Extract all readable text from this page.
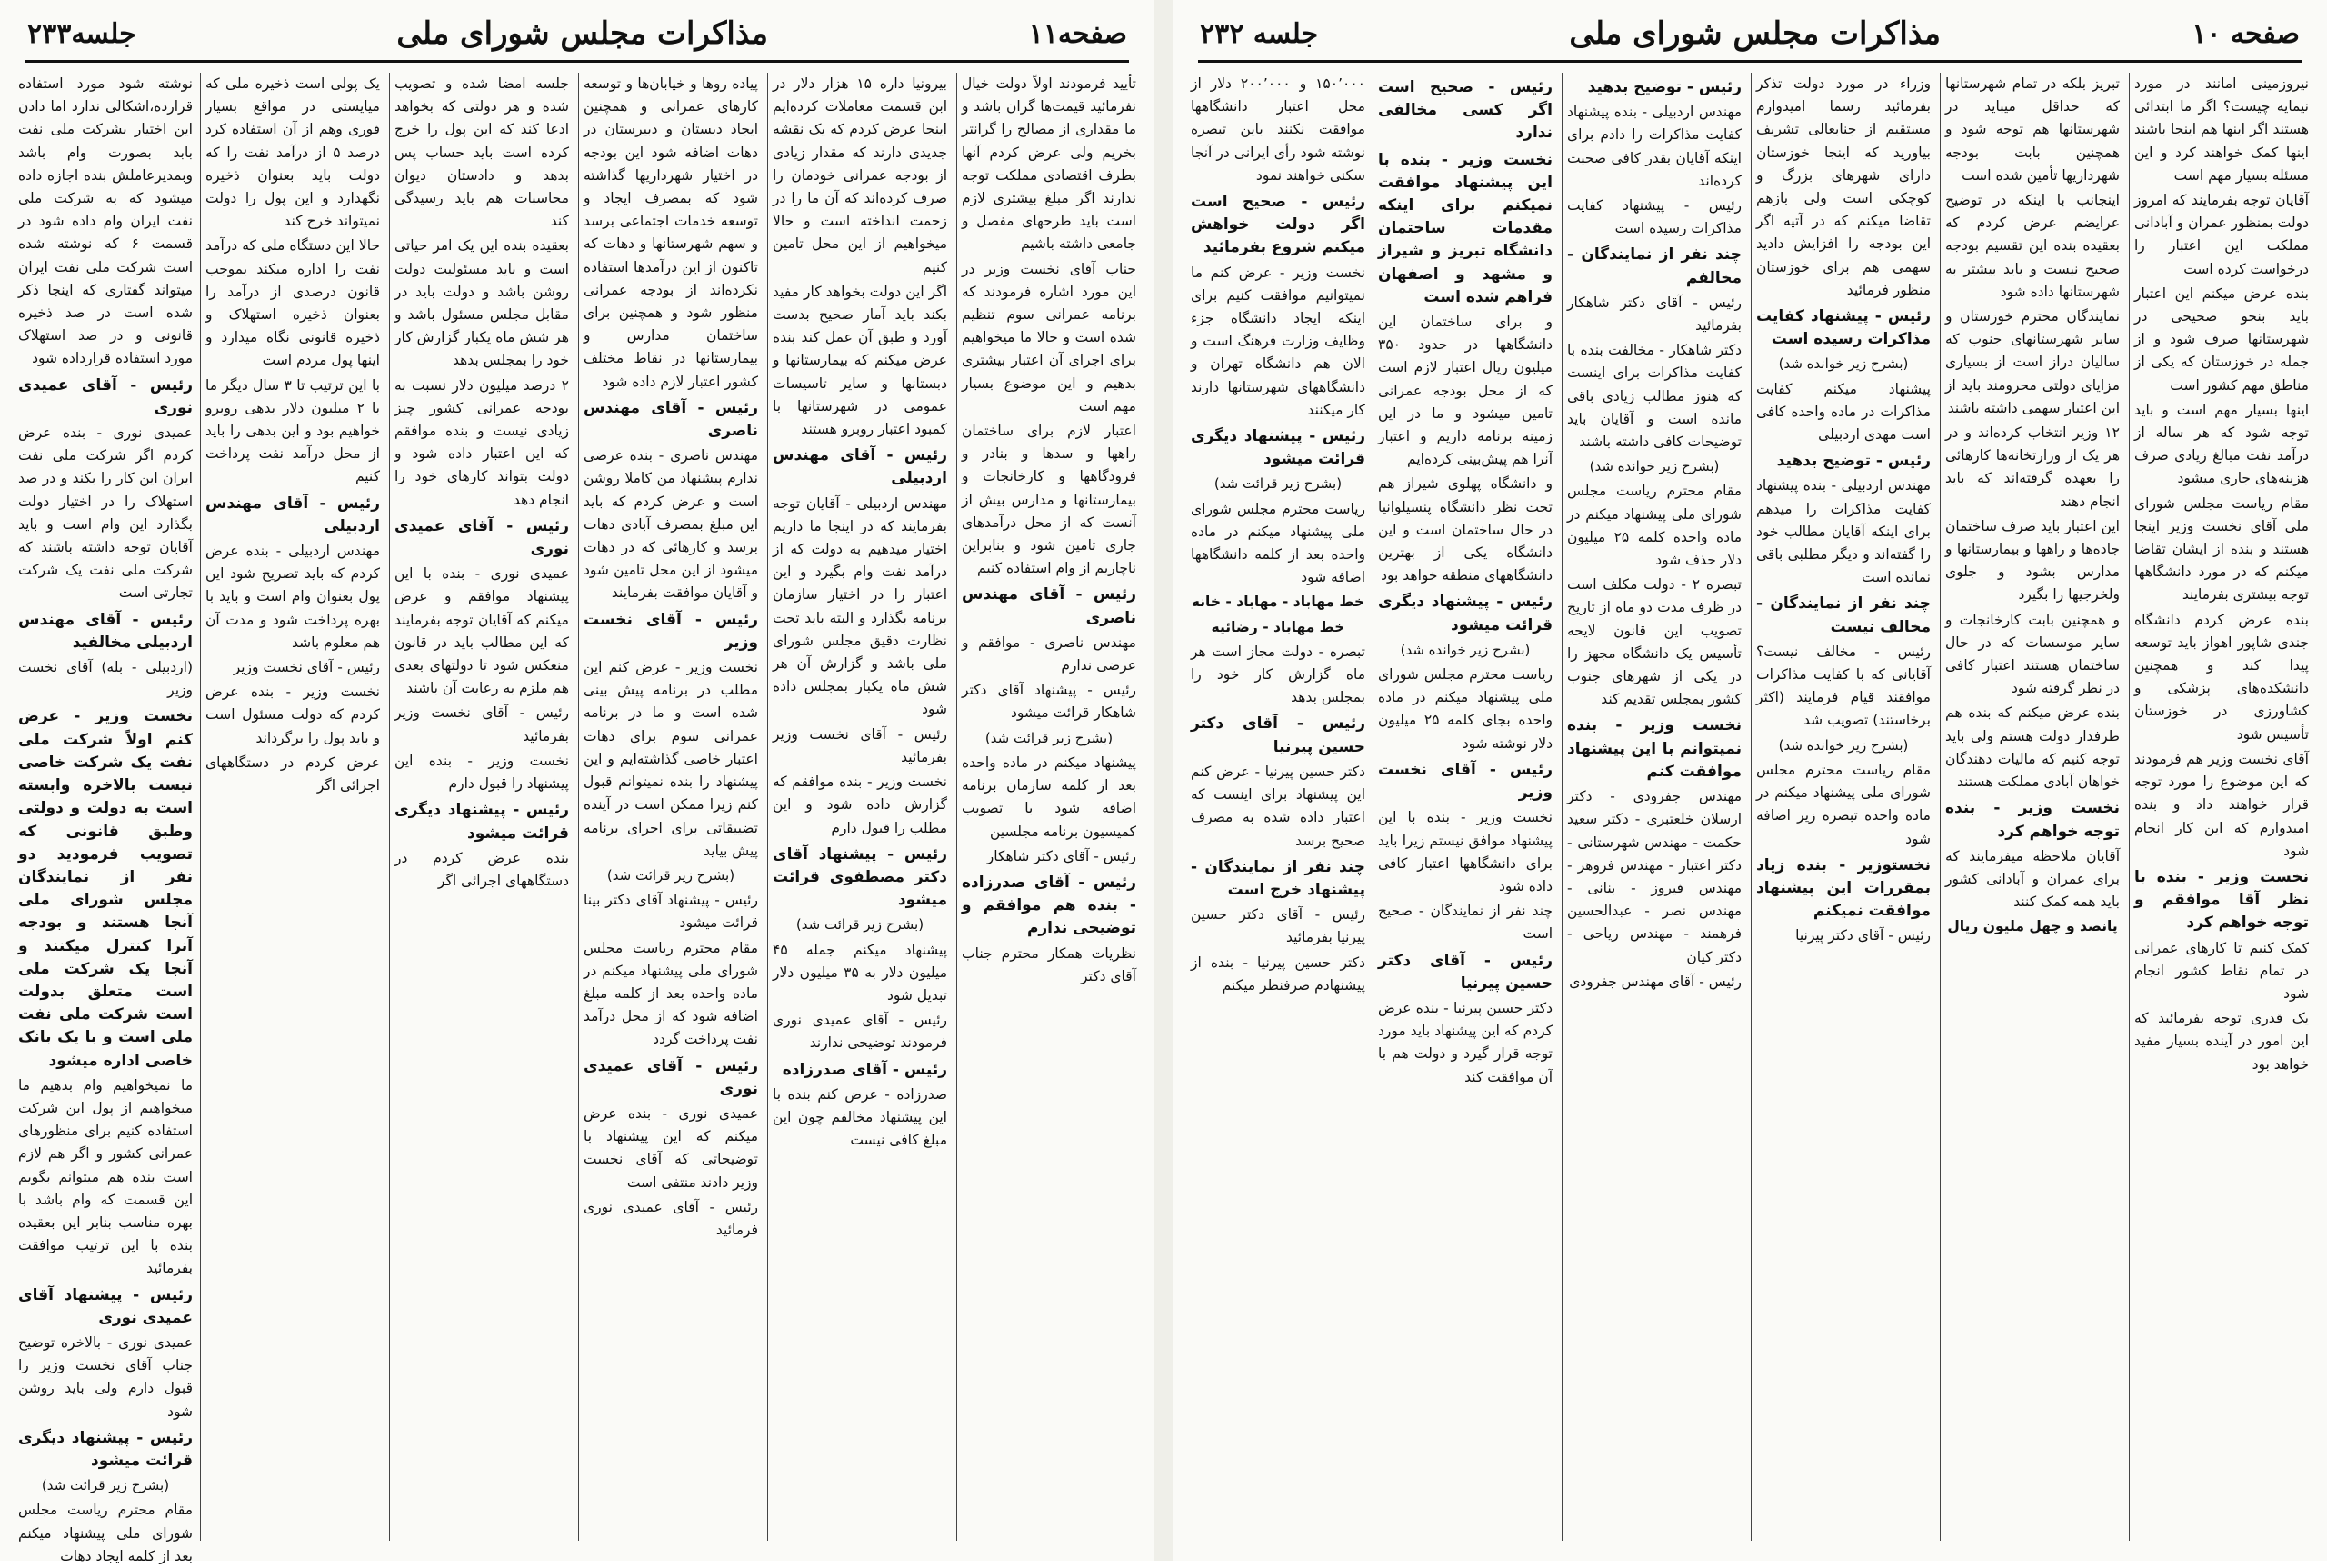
صفحه۱۱
مذاکرات مجلس شورای ملی
جلسه۲۳۳

تأیید فرمودند اولاً دولت خیال نفرمائید قیمت‌ها گران باشد و ما مقداری از مصالح را گرانتر بخریم ولی عرض کردم آنها بطرف اقتصادی مملکت توجه ندارند اگر مبلغ بیشتری لازم است باید طرحهای مفصل و جامعی داشته باشیم

جناب آقای نخست وزیر در این مورد اشاره فرمودند که برنامه عمرانی سوم تنظیم شده است و حالا ما میخواهیم برای اجرای آن اعتبار بیشتری بدهیم و این موضوع بسیار مهم است

اعتبار لازم برای ساختمان راهها و سدها و بنادر و فرودگاهها و کارخانجات و بیمارستانها و مدارس بیش از آنست که از محل درآمدهای جاری تامین شود و بنابراین ناچاریم از وام استفاده کنیم

رئیس - آقای مهندس ناصری

مهندس ناصری - موافقم و عرضی ندارم

رئیس - پیشنهاد آقای دکتر شاهکار قرائت میشود

(بشرح زیر قرائت شد)

پیشنهاد میکنم در ماده واحده بعد از کلمه سازمان برنامه اضافه شود با تصویب کمیسیون برنامه مجلسین

رئیس - آقای دکتر شاهکار

رئیس - آقای صدرزاده - بنده هم موافقم و توضیحی ندارم

نظریات همکار محترم جناب آقای دکتر

بیرونیا داره ۱۵ هزار دلار در ابن قسمت معاملات کرده‌ایم اینجا عرض کردم که یک نقشه جدیدی دارند که مقدار زیادی از بودجه عمرانی خودمان را صرف کرده‌اند که آن ما را در زحمت انداخته است و حالا میخواهیم از این محل تامین کنیم

اگر این دولت بخواهد کار مفید بکند باید آمار صحیح بدست آورد و طبق آن عمل کند بنده عرض میکنم که بیمارستانها و دبستانها و سایر تاسیسات عمومی در شهرستانها با کمبود اعتبار روبرو هستند

رئیس - آقای مهندس اردبیلی

مهندس اردبیلی - آقایان توجه بفرمایند که در اینجا ما داریم اختیار میدهیم به دولت که از درآمد نفت وام بگیرد و این اعتبار را در اختیار سازمان برنامه بگذارد و البته باید تحت نظارت دقیق مجلس شورای ملی باشد و گزارش آن هر شش ماه یکبار بمجلس داده شود

رئیس - آقای نخست وزیر بفرمائید

نخست وزیر - بنده موافقم که گزارش داده شود و این مطلب را قبول دارم

رئیس - پیشنهاد آقای دکتر مصطفوی قرائت میشود
(بشرح زیر قرائت شد)

پیشنهاد میکنم جمله ۴۵ میلیون دلار به ۳۵ میلیون دلار تبدیل شود

رئیس - آقای عمیدی نوری فرمودند توضیحی ندارند

رئیس - آقای صدرزاده

صدرزاده - عرض کنم بنده با این پیشنهاد مخالفم چون این مبلغ کافی نیست

پیاده روها و خیابان‌ها و توسعه کارهای عمرانی و همچنین ایجاد دبستان و دبیرستان در دهات اضافه شود این بودجه در اختیار شهرداریها گذاشته شود که بمصرف ایجاد و توسعه خدمات اجتماعی برسد و سهم شهرستانها و دهات که تاکنون از این درآمدها استفاده نکرده‌اند از بودجه عمرانی منظور شود و همچنین برای ساختمان مدارس و بیمارستانها در نقاط مختلف کشور اعتبار لازم داده شود

رئیس - آقای مهندس ناصری

مهندس ناصری - بنده عرضی ندارم پیشنهاد من کاملا روشن است و عرض کردم که باید این مبلغ بمصرف آبادی دهات برسد و کارهائی که در دهات میشود از این محل تامین شود و آقایان موافقت بفرمایند

رئیس - آقای نخست وزیر

نخست وزیر - عرض کنم این مطلب در برنامه پیش بینی شده است و ما در برنامه عمرانی سوم برای دهات اعتبار خاصی گذاشته‌ایم و این پیشنهاد را بنده نمیتوانم قبول کنم زیرا ممکن است در آینده تضییقاتی برای اجرای برنامه پیش بیاید

(بشرح زیر قرائت شد)

رئیس - پیشنهاد آقای دکتر بینا قرائت میشود

مقام محترم ریاست مجلس شورای ملی پیشنهاد میکنم در ماده واحده بعد از کلمه مبلغ اضافه شود که از محل درآمد نفت پرداخت گردد

رئیس - آقای عمیدی نوری

عمیدی نوری - بنده عرض میکنم که این پیشنهاد با توضیحاتی که آقای نخست وزیر دادند منتفی است

رئیس - آقای عمیدی نوری فرمائید

جلسه امضا شده و تصویب شده و هر دولتی که بخواهد ادعا کند که این پول را خرج کرده است باید حساب پس بدهد و دادستان دیوان محاسبات هم باید رسیدگی کند

بعقیده بنده این یک امر حیاتی است و باید مسئولیت دولت روشن باشد و دولت باید در مقابل مجلس مسئول باشد و هر شش ماه یکبار گزارش کار خود را بمجلس بدهد

۲ درصد میلیون دلار نسبت به بودجه عمرانی کشور چیز زیادی نیست و بنده موافقم که این اعتبار داده شود و دولت بتواند کارهای خود را انجام دهد

رئیس - آقای عمیدی نوری

عمیدی نوری - بنده با این پیشنهاد موافقم و عرض میکنم که آقایان توجه بفرمایند که این مطالب باید در قانون منعکس شود تا دولتهای بعدی هم ملزم به رعایت آن باشند

رئیس - آقای نخست وزیر بفرمائید

نخست وزیر - بنده این پیشنهاد را قبول دارم

رئیس - پیشنهاد دیگری قرائت میشود

بنده عرض کردم در دستگاههای اجرائی اگر

یک پولی است ذخیره ملی که میایستی در مواقع بسیار فوری وهم از آن استفاده کرد درصد ۵ از درآمد نفت را که دولت باید بعنوان ذخیره نگهدارد و این پول را دولت نمیتواند خرج کند

حالا این دستگاه ملی که درآمد نفت را اداره میکند بموجب قانون درصدی از درآمد را بعنوان ذخیره استهلاک و ذخیره قانونی نگاه میدارد و اینها پول مردم است

با این ترتیب تا ۳ سال دیگر ما با ۲ میلیون دلار بدهی روبرو خواهیم بود و این بدهی را باید از محل درآمد نفت پرداخت کنیم

رئیس - آقای مهندس اردبیلی

مهندس اردبیلی - بنده عرض کردم که باید تصریح شود این پول بعنوان وام است و باید با بهره پرداخت شود و مدت آن هم معلوم باشد

رئیس - آقای نخست وزیر

نخست وزیر - بنده عرض کردم که دولت مسئول است و باید پول را برگرداند

عرض کردم در دستگاههای اجرائی اگر

نوشته شود مورد استفاده قرارده،اشکالی ندارد اما دادن این اختیار بشرکت ملی نفت بابد بصورت وام باشد وبمدیرعاملش بنده اجازه داده میشود که به شرکت ملی نفت ایران وام داده شود در قسمت ۶ که نوشته شده است شرکت ملی نفت ایران میتواند گفتاری که اینجا ذکر شده است در صد ذخیره قانونی و در صد استهلاک مورد استفاده قرارداده شود

رئیس - آقای عمیدی نوری

عمیدی نوری - بنده عرض کردم اگر شرکت ملی نفت ایران این کار را بکند و در صد استهلاک را در اختیار دولت بگذارد این وام است و باید آقایان توجه داشته باشند که شرکت ملی نفت یک شرکت تجارتی است

رئیس - آقای مهندس اردبیلی مخالفید

(اردبیلی - بله) آقای نخست وزیر

نخست وزیر - عرض کنم اولاً شرکت ملی نفت یک شرکت خاصی نیست بالاخره وابسته است به دولت و دولتی وطبق قانونی که تصویب فرمودید دو نفر از نمایندگان مجلس شورای ملی آنجا هستند و بودجه آنرا کنترل میکنند و آنجا یک شرکت ملی است متعلق بدولت است شرکت ملی نفت ملی است و با یک بانک خاصی اداره میشود

ما نمیخواهیم وام بدهیم ما میخواهیم از پول این شرکت استفاده کنیم برای منظورهای عمرانی کشور و اگر هم لازم است بنده هم میتوانم بگویم این قسمت که وام باشد با بهره مناسب بنابر این بعقیده بنده با این ترتیب موافقت بفرمائید

رئیس - پیشنهاد آقای عمیدی نوری

عمیدی نوری - بالاخره توضیح جناب آقای نخست وزیر را قبول دارم ولی باید روشن شود

رئیس - پیشنهاد دیگری قرائت میشود
(بشرح زیر قرائت شد)

مقام محترم ریاست مجلس شورای ملی پیشنهاد میکنم بعد از کلمه ایجاد دهات

صفحه ۱۰
مذاکرات مجلس شورای ملی
جلسه ۲۳۲

نیروزمینی امانند در مورد نیمایه چیست؟ اگر ما ابتدائی هستند اگر اینها هم اینجا باشند اینها کمک خواهند کرد و این مسئله بسیار مهم است

آقایان توجه بفرمایند که امروز دولت بمنظور عمران و آبادانی مملکت این اعتبار را درخواست کرده است

بنده عرض میکنم این اعتبار باید بنحو صحیحی در شهرستانها صرف شود و از جمله در خوزستان که یکی از مناطق مهم کشور است

اینها بسیار مهم است و باید توجه شود که هر ساله از درآمد نفت مبالغ زیادی صرف هزینه‌های جاری میشود

مقام ریاست مجلس شورای ملی آقای نخست وزیر اینجا هستند و بنده از ایشان تقاضا میکنم که در مورد دانشگاهها توجه بیشتری بفرمایند

بنده عرض کردم دانشگاه جندی شاپور اهواز باید توسعه پیدا کند و همچنین دانشکده‌های پزشکی و کشاورزی در خوزستان تأسیس شود

آقای نخست وزیر هم فرمودند که این موضوع را مورد توجه قرار خواهند داد و بنده امیدوارم که این کار انجام شود

نخست وزیر - بنده با نظر آقا موافقم و توجه خواهم کرد

کمک کنیم تا کارهای عمرانی در تمام نقاط کشور انجام شود

یک قدری توجه بفرمائید که این امور در آینده بسیار مفید خواهد بود

تبریز بلکه در تمام شهرستانها که حداقل میباید در شهرستانها هم توجه شود و همچنین بابت بودجه شهرداریها تأمین شده است

اینجانب با اینکه در توضیح عرایضم عرض کردم که بعقیده بنده این تقسیم بودجه صحیح نیست و باید بیشتر به شهرستانها داده شود

نمایندگان محترم خوزستان و سایر شهرستانهای جنوب که سالیان دراز است از بسیاری مزایای دولتی محرومند باید از این اعتبار سهمی داشته باشند

۱۲ وزیر انتخاب کرده‌اند و در هر یک از وزارتخانه‌ها کارهائی را بعهده گرفته‌اند که باید انجام دهند

این اعتبار باید صرف ساختمان جاده‌ها و راهها و بیمارستانها و مدارس بشود و جلوی ولخرجیها را بگیرد

و همچنین بابت کارخانجات و سایر موسسات که در حال ساختمان هستند اعتبار کافی در نظر گرفته شود

بنده عرض میکنم که بنده هم طرفدار دولت هستم ولی باید توجه کنیم که مالیات دهندگان خواهان آبادی مملکت هستند

نخست وزیر - بنده توجه خواهم کرد

آقایان ملاحظه میفرمایند که برای عمران و آبادانی کشور باید همه کمک کنند

پانصد و چهل ملیون ریال

وزراء در مورد دولت تذکر بفرمائید رسما امیدوارم مستقیم از جنابعالی تشریف بیاورید که اینجا خوزستان دارای شهرهای بزرگ و کوچکی است ولی بازهم تقاضا میکنم که در آتیه اگر این بودجه را افزایش دادید سهمی هم برای خوزستان منظور فرمائید

رئیس - پیشنهاد کفایت مذاکرات رسیده است
(بشرح زیر خوانده شد)

پیشنهاد میکنم کفایت مذاکرات در ماده واحده کافی است مهدی اردبیلی

رئیس - توضیح بدهید

مهندس اردبیلی - بنده پیشنهاد کفایت مذاکرات را میدهم برای اینکه آقایان مطالب خود را گفته‌اند و دیگر مطلبی باقی نمانده است

چند نفر از نمایندگان - مخالف نیست

رئیس - مخالف نیست؟ آقایانی که با کفایت مذاکرات موافقند قیام فرمایند (اکثر برخاستند) تصویب شد

(بشرح زیر خوانده شد)

مقام ریاست محترم مجلس شورای ملی پیشنهاد میکنم در ماده واحده تبصره زیر اضافه شود

نخستوزیر - بنده زیاد بمقررات این پیشنهاد موافقت نمیکنم

رئیس - آقای دکتر پیرنیا

رئیس - توضیح بدهید

مهندس اردبیلی - بنده پیشنهاد کفایت مذاکرات را دادم برای اینکه آقایان بقدر کافی صحبت کرده‌اند

رئیس - پیشنهاد کفایت مذاکرات رسیده است

چند نفر از نمایندگان - مخالفم

رئیس - آقای دکتر شاهکار بفرمائید

دکتر شاهکار - مخالفت بنده با کفایت مذاکرات برای اینست که هنوز مطالب زیادی باقی مانده است و آقایان باید توضیحات کافی داشته باشند

(بشرح زیر خوانده شد)

مقام محترم ریاست مجلس شورای ملی پیشنهاد میکنم در ماده واحده کلمه ۲۵ میلیون دلار حذف شود

تبصره ۲ - دولت مکلف است در ظرف مدت دو ماه از تاریخ تصویب این قانون لایحه تأسیس یک دانشگاه مجهز را در یکی از شهرهای جنوب کشور بمجلس تقدیم کند

نخست وزیر - بنده نمیتوانم با این پیشنهاد موافقت کنم

مهندس جفرودی - دکتر ارسلان خلعتبری - دکتر سعید حکمت - مهندس شهرستانی - دکتر اعتبار - مهندس فروهر - مهندس فیروز - بنانی - مهندس نصر - عبدالحسین فرهمند - مهندس ریاحی - دکتر کیان

رئیس - آقای مهندس جفرودی

رئیس - صحیح است اگر کسی مخالفی ندارد
نخست وزیر - بنده با این پیشنهاد موافقت نمیکنم برای اینکه مقدمات ساختمان دانشگاه تبریز و شیراز و مشهد و اصفهان فراهم شده است

و برای ساختمان این دانشگاهها در حدود ۳۵۰ میلیون ریال اعتبار لازم است که از محل بودجه عمرانی تامین میشود و ما در این زمینه برنامه داریم و اعتبار آنرا هم پیش‌بینی کرده‌ایم

و دانشگاه پهلوی شیراز هم تحت نظر دانشگاه پنسیلوانیا در حال ساختمان است و این دانشگاه یکی از بهترین دانشگاههای منطقه خواهد بود

رئیس - پیشنهاد دیگری قرائت میشود
(بشرح زیر خوانده شد)

ریاست محترم مجلس شورای ملی پیشنهاد میکنم در ماده واحده بجای کلمه ۲۵ میلیون دلار نوشته شود

رئیس - آقای نخست وزیر

نخست وزیر - بنده با این پیشنهاد موافق نیستم زیرا باید برای دانشگاهها اعتبار کافی داده شود

چند نفر از نمایندگان - صحیح است

رئیس - آقای دکتر حسین پیرنیا

دکتر حسین پیرنیا - بنده عرض کردم که این پیشنهاد باید مورد توجه قرار گیرد و دولت هم با آن موافقت کند

۱۵۰٬۰۰۰ و ۲۰۰٬۰۰۰ دلار از محل اعتبار دانشگاهها موافقت نکنند باین تبصره نوشته شود رأی ایرانی در آنجا سکنی خواهند نمود

رئیس - صحیح است اگر دولت خواهش میکنم شروع بفرمائید

نخست وزیر - عرض کنم ما نمیتوانیم موافقت کنیم برای اینکه ایجاد دانشگاه جزء وظایف وزارت فرهنگ است و الان هم دانشگاه تهران و دانشگاههای شهرستانها دارند کار میکنند

رئیس - پیشنهاد دیگری قرائت میشود
(بشرح زیر قرائت شد)

ریاست محترم مجلس شورای ملی پیشنهاد میکنم در ماده واحده بعد از کلمه دانشگاهها اضافه شود

خط مهاباد - مهاباد - خانه
خط مهاباد - رضائیه

تبصره - دولت مجاز است هر ماه گزارش کار خود را بمجلس بدهد

رئیس - آقای دکتر حسین پیرنیا

دکتر حسین پیرنیا - عرض کنم این پیشنهاد برای اینست که اعتبار داده شده به مصرف صحیح برسد

چند نفر از نمایندگان - پیشنهاد خرج است

رئیس - آقای دکتر حسین پیرنیا بفرمائید

دکتر حسین پیرنیا - بنده از پیشنهادم صرفنظر میکنم
